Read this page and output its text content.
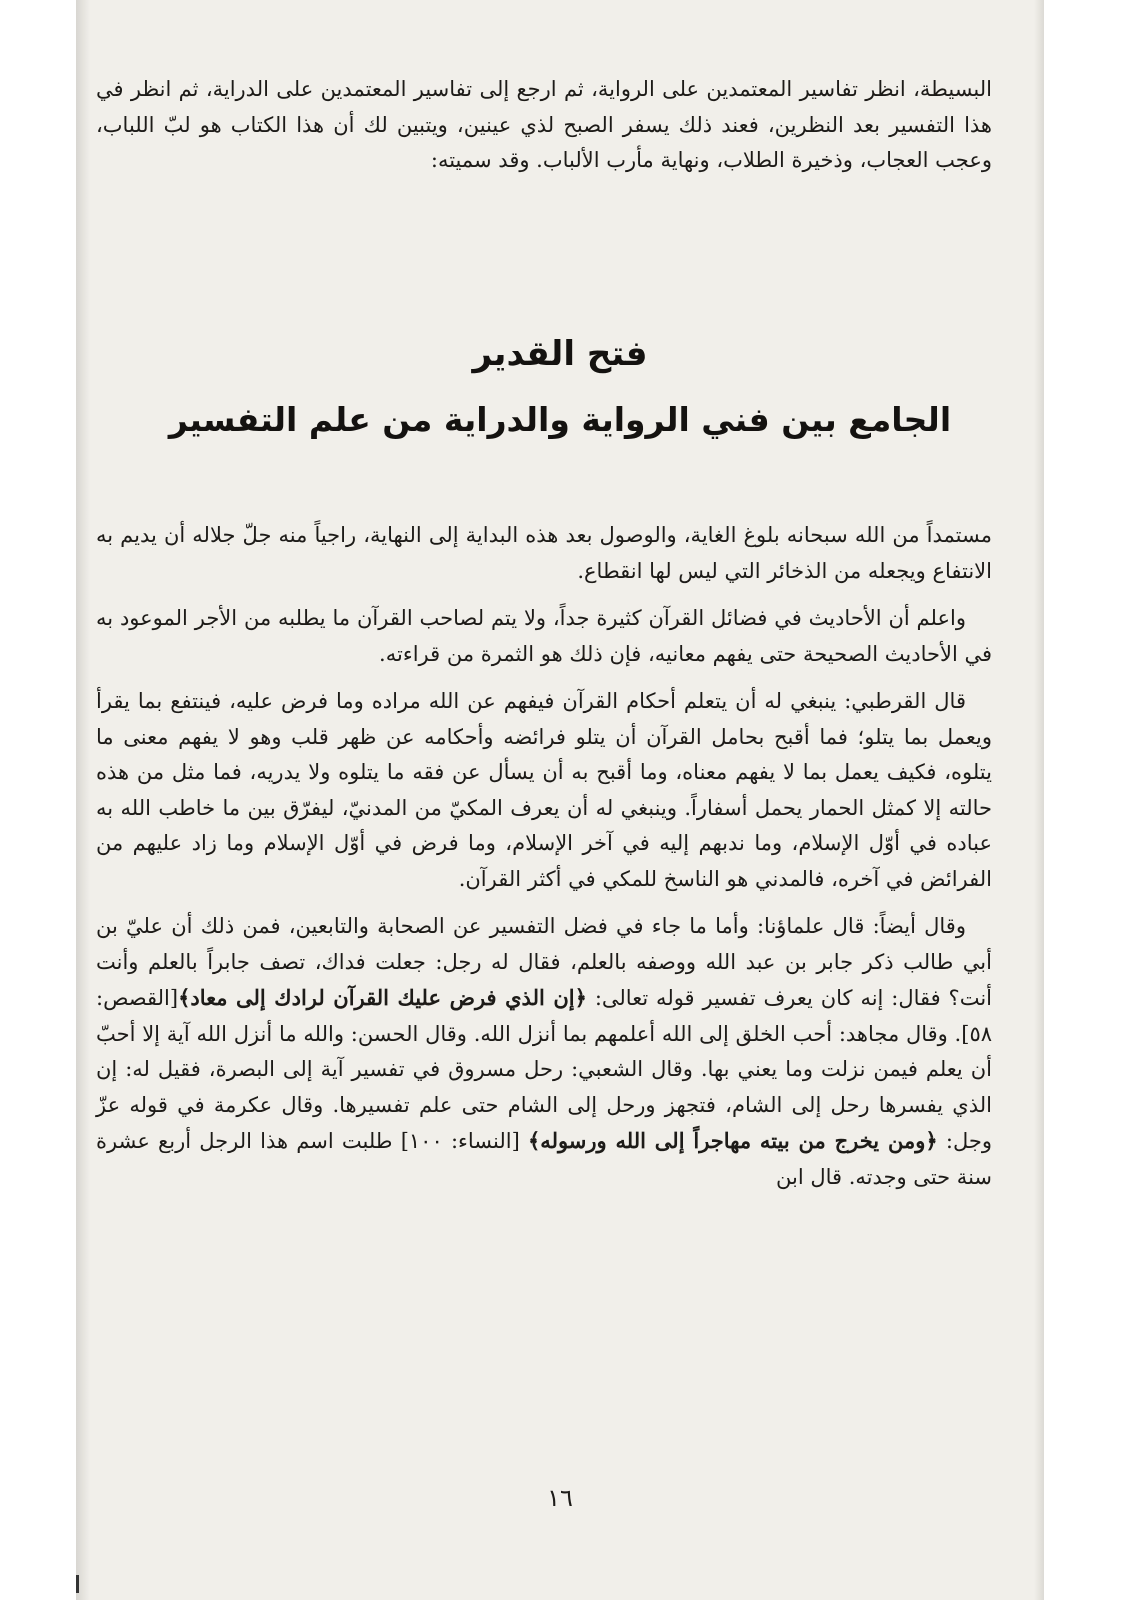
البسيطة، انظر تفاسير المعتمدين على الرواية، ثم ارجع إلى تفاسير المعتمدين على الدراية، ثم انظر في هذا التفسير بعد النظرين، فعند ذلك يسفر الصبح لذي عينين، ويتبين لك أن هذا الكتاب هو لبّ اللباب، وعجب العجاب، وذخيرة الطلاب، ونهاية مأرب الألباب. وقد سميته:

فتح القدير

الجامع بين فني الرواية والدراية من علم التفسير

مستمداً من الله سبحانه بلوغ الغاية، والوصول بعد هذه البداية إلى النهاية، راجياً منه جلّ جلاله أن يديم به الانتفاع ويجعله من الذخائر التي ليس لها انقطاع.

واعلم أن الأحاديث في فضائل القرآن كثيرة جداً، ولا يتم لصاحب القرآن ما يطلبه من الأجر الموعود به في الأحاديث الصحيحة حتى يفهم معانيه، فإن ذلك هو الثمرة من قراءته.

قال القرطبي: ينبغي له أن يتعلم أحكام القرآن فيفهم عن الله مراده وما فرض عليه، فينتفع بما يقرأ ويعمل بما يتلو؛ فما أقبح بحامل القرآن أن يتلو فرائضه وأحكامه عن ظهر قلب وهو لا يفهم معنى ما يتلوه، فكيف يعمل بما لا يفهم معناه، وما أقبح به أن يسأل عن فقه ما يتلوه ولا يدريه، فما مثل من هذه حالته إلا كمثل الحمار يحمل أسفاراً. وينبغي له أن يعرف المكيّ من المدنيّ، ليفرّق بين ما خاطب الله به عباده في أوّل الإسلام، وما ندبهم إليه في آخر الإسلام، وما فرض في أوّل الإسلام وما زاد عليهم من الفرائض في آخره، فالمدني هو الناسخ للمكي في أكثر القرآن.

وقال أيضاً: قال علماؤنا: وأما ما جاء في فضل التفسير عن الصحابة والتابعين، فمن ذلك أن عليّ بن أبي طالب ذكر جابر بن عبد الله ووصفه بالعلم، فقال له رجل: جعلت فداك، تصف جابراً بالعلم وأنت أنت؟ فقال: إنه كان يعرف تفسير قوله تعالى: ﴿إن الذي فرض عليك القرآن لرادك إلى معاد﴾[القصص: ٥٨]. وقال مجاهد: أحب الخلق إلى الله أعلمهم بما أنزل الله. وقال الحسن: والله ما أنزل الله آية إلا أحبّ أن يعلم فيمن نزلت وما يعني بها. وقال الشعبي: رحل مسروق في تفسير آية إلى البصرة، فقيل له: إن الذي يفسرها رحل إلى الشام، فتجهز ورحل إلى الشام حتى علم تفسيرها. وقال عكرمة في قوله عزّ وجل: ﴿ومن يخرج من بيته مهاجراً إلى الله ورسوله﴾ [النساء: ١٠٠] طلبت اسم هذا الرجل أربع عشرة سنة حتى وجدته. قال ابن

١٦
